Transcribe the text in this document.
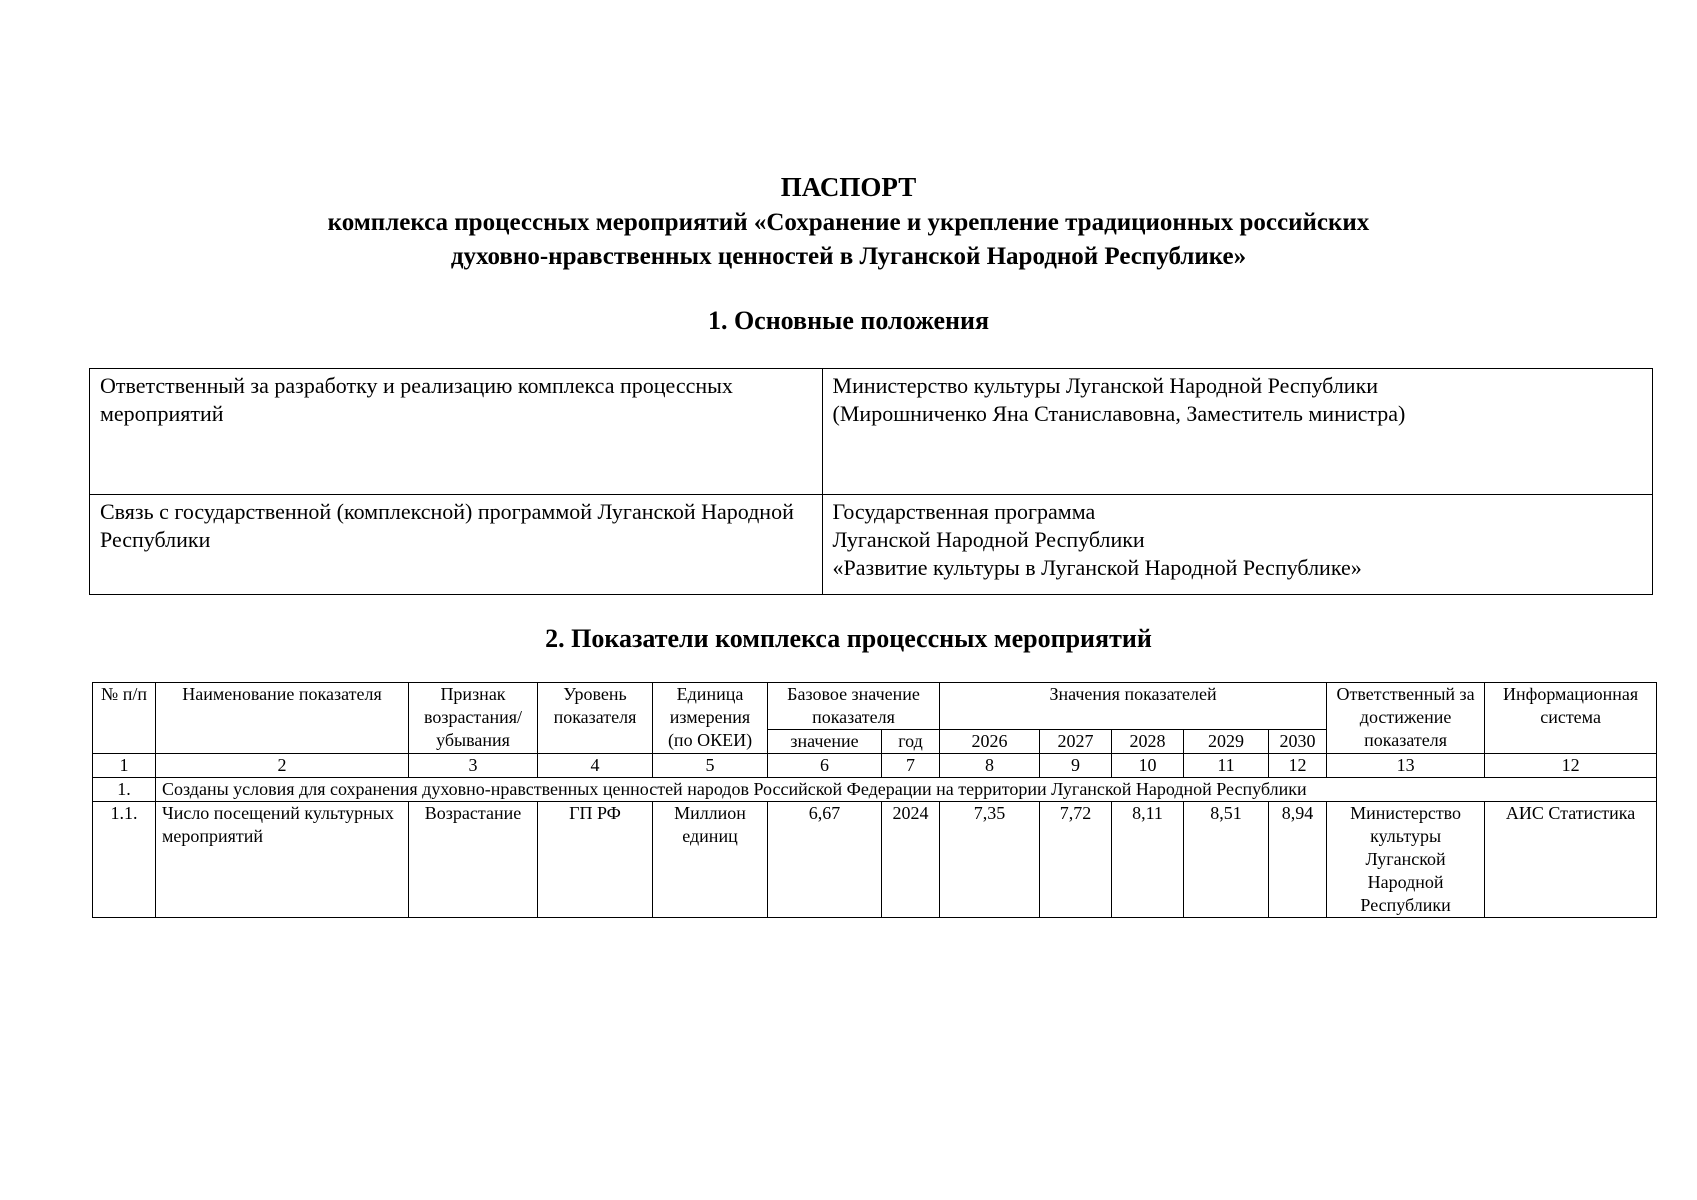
ПАСПОРТ
комплекса процессных мероприятий «Сохранение и укрепление традиционных российских
духовно-нравственных ценностей в Луганской Народной Республике»
1. Основные положения
Ответственный за разработку и реализацию комплекса процессных мероприятий	Министерство культуры Луганской Народной Республики
(Мирошниченко Яна Станиславовна, Заместитель министра)

Связь с государственной (комплексной) программой Луганской Народной Республики	Государственная программа
Луганской Народной Республики
«Развитие культуры в Луганской Народной Республике»
2. Показатели комплекса процессных мероприятий
№ п/п	Наименование показателя	Признак возрастания/ убывания	Уровень показателя	Единица измерения (по ОКЕИ)	Базовое значение показателя		Значения показателей					Ответственный за достижение показателя	Информационная система

					значение	год	2026	2027	2028	2029	2030		
1	2	3	4	5	6	7	8	9	10	11	12	13	12
1.	Созданы условия для сохранения духовно-нравственных ценностей народов Российской Федерации на территории Луганской Народной Республики												
1.1.	Число посещений культурных мероприятий	Возрастание	ГП РФ	Миллион единиц	6,67	2024	7,35	7,72	8,11	8,51	8,94	Министерство культуры Луганской Народной Республики	АИС Статистика
